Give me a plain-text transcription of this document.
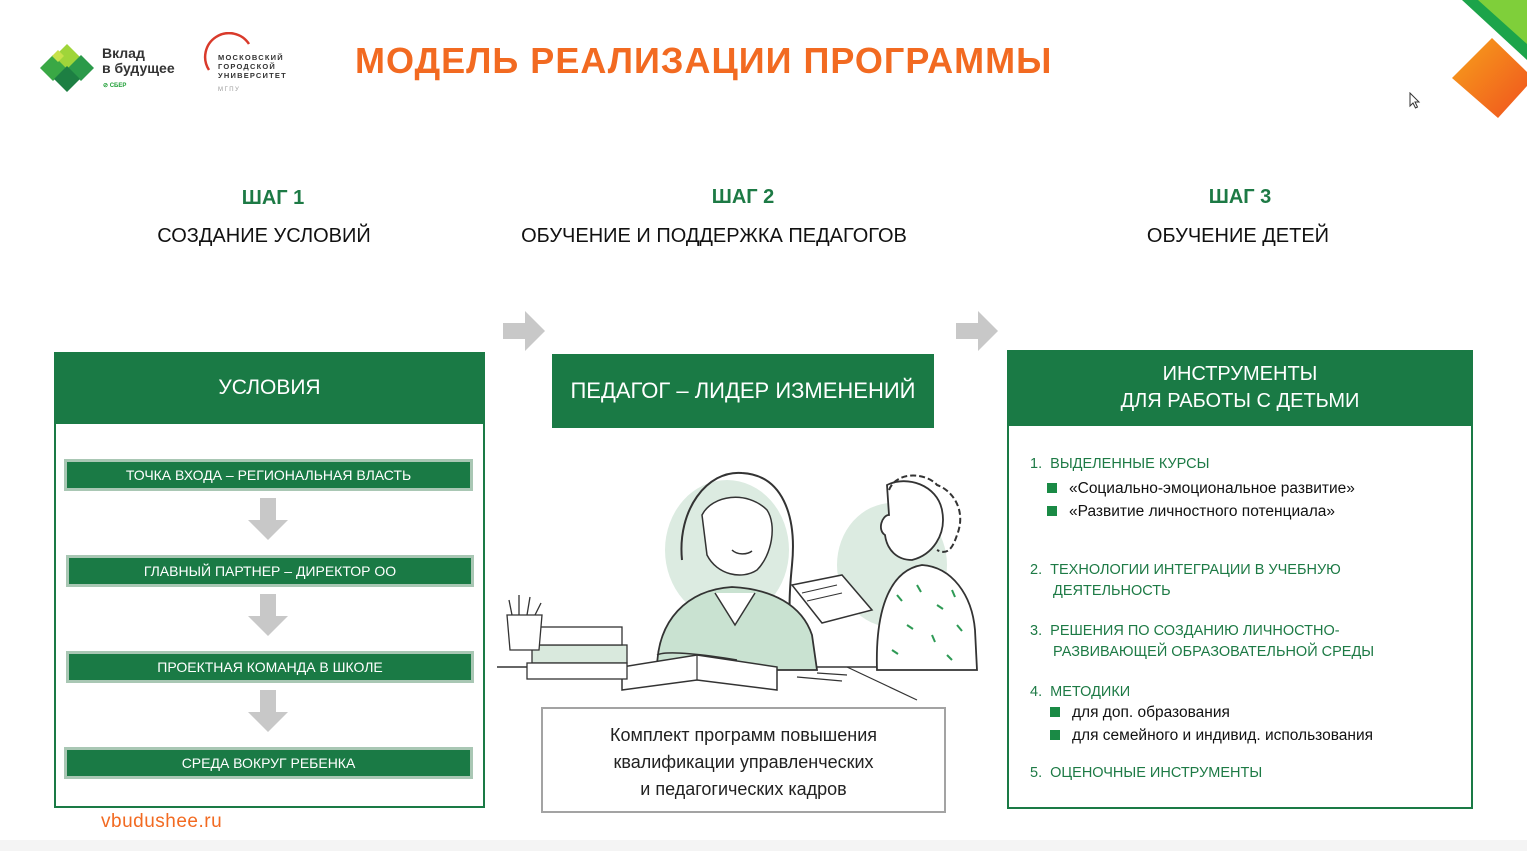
Вклад
в будущее
⊘ СБЕР
МОСКОВСКИЙ
ГОРОДСКОЙ
УНИВЕРСИТЕТ
МГПУ
МОДЕЛЬ РЕАЛИЗАЦИИ ПРОГРАММЫ
ШАГ 1
СОЗДАНИЕ УСЛОВИЙ
ШАГ 2
ОБУЧЕНИЕ И ПОДДЕРЖКА ПЕДАГОГОВ
ШАГ 3
ОБУЧЕНИЕ ДЕТЕЙ
УСЛОВИЯ
ТОЧКА ВХОДА – РЕГИОНАЛЬНАЯ ВЛАСТЬ
ГЛАВНЫЙ ПАРТНЕР – ДИРЕКТОР ОО
ПРОЕКТНАЯ КОМАНДА В ШКОЛЕ
СРЕДА ВОКРУГ РЕБЕНКА
ПЕДАГОГ – ЛИДЕР ИЗМЕНЕНИЙ
Комплект программ повышения
квалификации управленческих
и педагогических кадров
ИНСТРУМЕНТЫ
ДЛЯ РАБОТЫ С ДЕТЬМИ
1. ВЫДЕЛЕННЫЕ КУРСЫ
«Социально-эмоциональное развитие»
«Развитие личностного потенциала»
2. ТЕХНОЛОГИИ ИНТЕГРАЦИИ В УЧЕБНУЮ
ДЕЯТЕЛЬНОСТЬ
3. РЕШЕНИЯ ПО СОЗДАНИЮ ЛИЧНОСТНО-
РАЗВИВАЮЩЕЙ ОБРАЗОВАТЕЛЬНОЙ СРЕДЫ
4. МЕТОДИКИ
для доп. образования
для семейного и индивид. использования
5. ОЦЕНОЧНЫЕ ИНСТРУМЕНТЫ
vbudushee.ru
